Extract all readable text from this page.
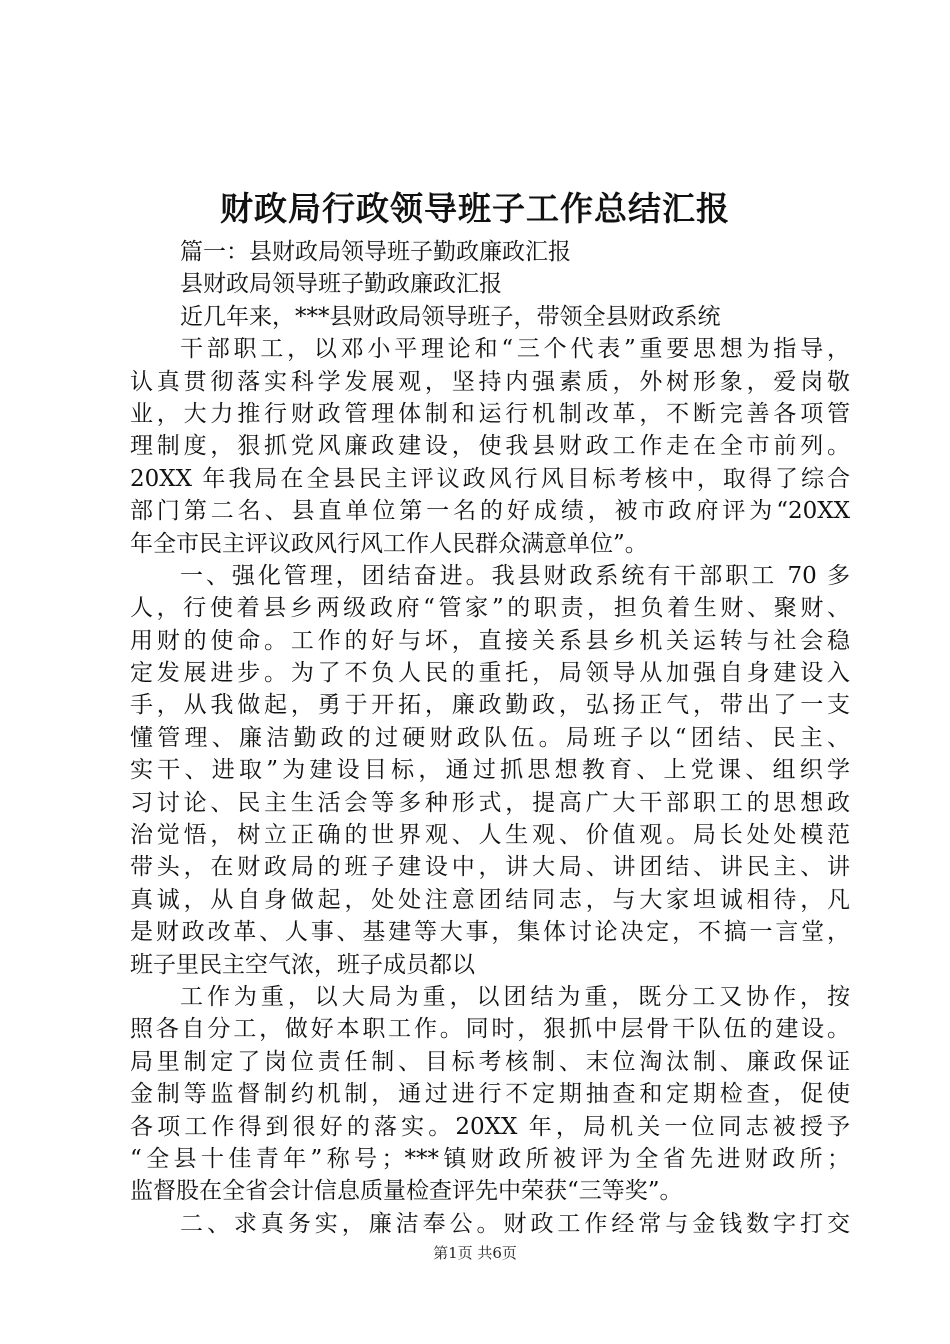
财政局行政领导班子工作总结汇报
篇一：县财政局领导班子勤政廉政汇报
县财政局领导班子勤政廉政汇报
近几年来，***县财政局领导班子，带领全县财政系统
干部职工，以邓小平理论和“三个代表”重要思想为指导，
认真贯彻落实科学发展观，坚持内强素质，外树形象，爱岗敬
业，大力推行财政管理体制和运行机制改革，不断完善各项管
理制度，狠抓党风廉政建设，使我县财政工作走在全市前列。
20XX 年我局在全县民主评议政风行风目标考核中，取得了综合
部门第二名、县直单位第一名的好成绩，被市政府评为“20XX
年全市民主评议政风行风工作人民群众满意单位”。
一、强化管理，团结奋进。我县财政系统有干部职工 70 多
人，行使着县乡两级政府“管家”的职责，担负着生财、聚财、
用财的使命。工作的好与坏，直接关系县乡机关运转与社会稳
定发展进步。为了不负人民的重托，局领导从加强自身建设入
手，从我做起，勇于开拓，廉政勤政，弘扬正气，带出了一支
懂管理、廉洁勤政的过硬财政队伍。局班子以“团结、民主、
实干、进取”为建设目标，通过抓思想教育、上党课、组织学
习讨论、民主生活会等多种形式，提高广大干部职工的思想政
治觉悟，树立正确的世界观、人生观、价值观。局长处处模范
带头，在财政局的班子建设中，讲大局、讲团结、讲民主、讲
真诚，从自身做起，处处注意团结同志，与大家坦诚相待，凡
是财政改革、人事、基建等大事，集体讨论决定，不搞一言堂，
班子里民主空气浓，班子成员都以
工作为重，以大局为重，以团结为重，既分工又协作，按
照各自分工，做好本职工作。同时，狠抓中层骨干队伍的建设。
局里制定了岗位责任制、目标考核制、末位淘汰制、廉政保证
金制等监督制约机制，通过进行不定期抽查和定期检查，促使
各项工作得到很好的落实。20XX 年，局机关一位同志被授予
“全县十佳青年”称号；***镇财政所被评为全省先进财政所；
监督股在全省会计信息质量检查评先中荣获“三等奖”。
二、求真务实，廉洁奉公。财政工作经常与金钱数字打交
第1页 共6页
